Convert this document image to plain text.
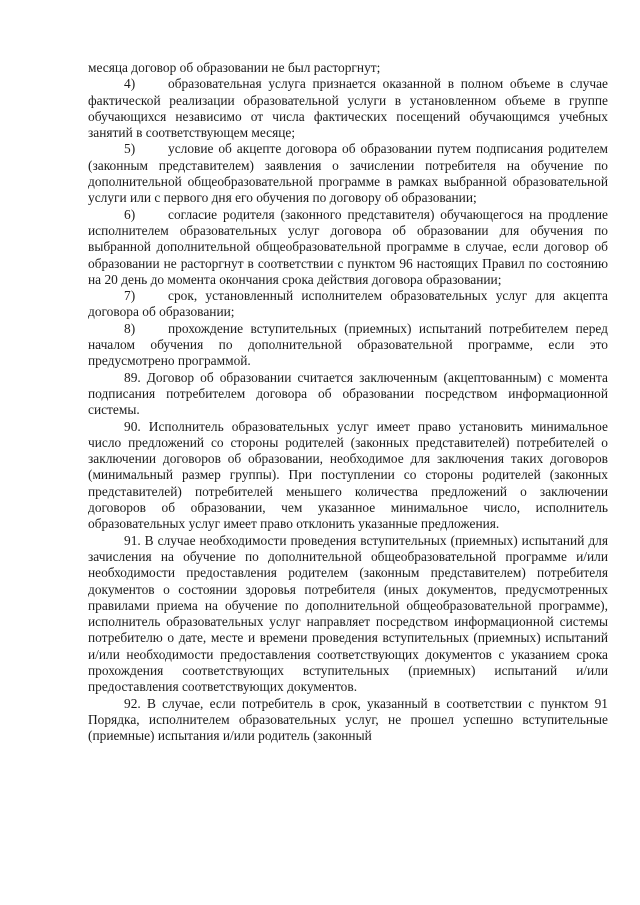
месяца договор об образовании не был расторгнут;

4) образовательная услуга признается оказанной в полном объеме в случае фактической реализации образовательной услуги в установленном объеме в группе обучающихся независимо от числа фактических посещений обучающимся учебных занятий в соответствующем месяце;

5) условие об акцепте договора об образовании путем подписания родителем (законным представителем) заявления о зачислении потребителя на обучение по дополнительной общеобразовательной программе в рамках выбранной образовательной услуги или с первого дня его обучения по договору об образовании;

6) согласие родителя (законного представителя) обучающегося на продление исполнителем образовательных услуг договора об образовании для обучения по выбранной дополнительной общеобразовательной программе в случае, если договор об образовании не расторгнут в соответствии с пунктом 96 настоящих Правил по состоянию на 20 день до момента окончания срока действия договора образовании;

7) срок, установленный исполнителем образовательных услуг для акцепта договора об образовании;

8) прохождение вступительных (приемных) испытаний потребителем перед началом обучения по дополнительной образовательной программе, если это предусмотрено программой.

89. Договор об образовании считается заключенным (акцептованным) с момента подписания потребителем договора об образовании посредством информационной системы.

90. Исполнитель образовательных услуг имеет право установить минимальное число предложений со стороны родителей (законных представителей) потребителей о заключении договоров об образовании, необходимое для заключения таких договоров (минимальный размер группы). При поступлении со стороны родителей (законных представителей) потребителей меньшего количества предложений о заключении договоров об образовании, чем указанное минимальное число, исполнитель образовательных услуг имеет право отклонить указанные предложения.

91. В случае необходимости проведения вступительных (приемных) испытаний для зачисления на обучение по дополнительной общеобразовательной программе и/или необходимости предоставления родителем (законным представителем) потребителя документов о состоянии здоровья потребителя (иных документов, предусмотренных правилами приема на обучение по дополнительной общеобразовательной программе), исполнитель образовательных услуг направляет посредством информационной системы потребителю о дате, месте и времени проведения вступительных (приемных) испытаний и/или необходимости предоставления соответствующих документов с указанием срока прохождения соответствующих вступительных (приемных) испытаний и/или предоставления соответствующих документов.

92. В случае, если потребитель в срок, указанный в соответствии с пунктом 91 Порядка, исполнителем образовательных услуг, не прошел успешно вступительные (приемные) испытания и/или родитель (законный
